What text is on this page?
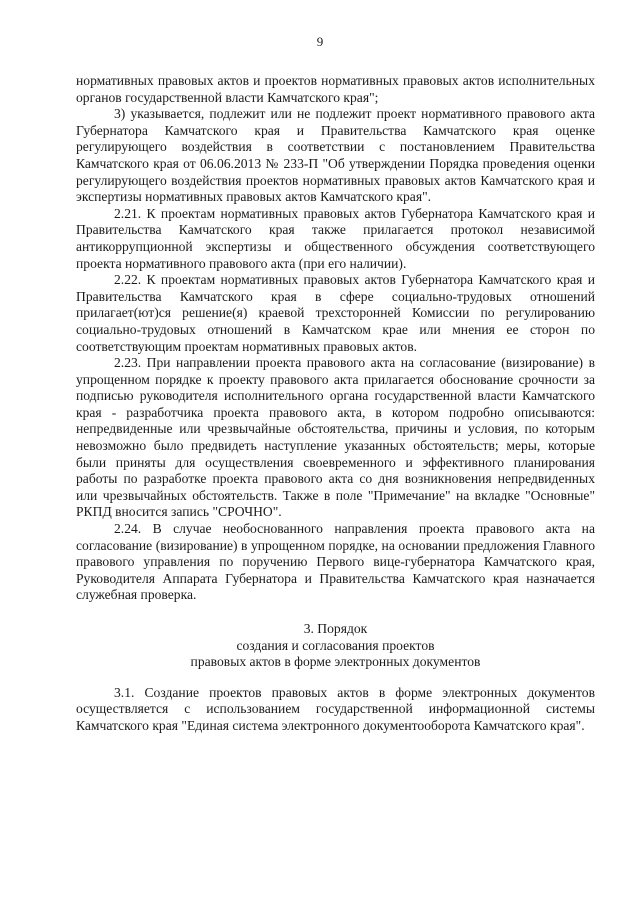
9

нормативных правовых актов и проектов нормативных правовых актов исполнительных органов государственной власти Камчатского края";

3) указывается, подлежит или не подлежит проект нормативного правового акта Губернатора Камчатского края и Правительства Камчатского края оценке регулирующего воздействия в соответствии с постановлением Правительства Камчатского края от 06.06.2013 № 233-П "Об утверждении Порядка проведения оценки регулирующего воздействия проектов нормативных правовых актов Камчатского края и экспертизы нормативных правовых актов Камчатского края".

2.21. К проектам нормативных правовых актов Губернатора Камчатского края и Правительства Камчатского края также прилагается протокол независимой антикоррупционной экспертизы и общественного обсуждения соответствующего проекта нормативного правового акта (при его наличии).

2.22. К проектам нормативных правовых актов Губернатора Камчатского края и Правительства Камчатского края в сфере социально-трудовых отношений прилагает(ют)ся решение(я) краевой трехсторонней Комиссии по регулированию социально-трудовых отношений в Камчатском крае или мнения ее сторон по соответствующим проектам нормативных правовых актов.

2.23. При направлении проекта правового акта на согласование (визирование) в упрощенном порядке к проекту правового акта прилагается обоснование срочности за подписью руководителя исполнительного органа государственной власти Камчатского края - разработчика проекта правового акта, в котором подробно описываются: непредвиденные или чрезвычайные обстоятельства, причины и условия, по которым невозможно было предвидеть наступление указанных обстоятельств; меры, которые были приняты для осуществления своевременного и эффективного планирования работы по разработке проекта правового акта со дня возникновения непредвиденных или чрезвычайных обстоятельств. Также в поле "Примечание" на вкладке "Основные" РКПД вносится запись "СРОЧНО".

2.24. В случае необоснованного направления проекта правового акта на согласование (визирование) в упрощенном порядке, на основании предложения Главного правового управления по поручению Первого вице-губернатора Камчатского края, Руководителя Аппарата Губернатора и Правительства Камчатского края назначается служебная проверка.

3. Порядок
создания и согласования проектов
правовых актов в форме электронных документов

3.1. Создание проектов правовых актов в форме электронных документов осуществляется с использованием государственной информационной системы Камчатского края "Единая система электронного документооборота Камчатского края".
